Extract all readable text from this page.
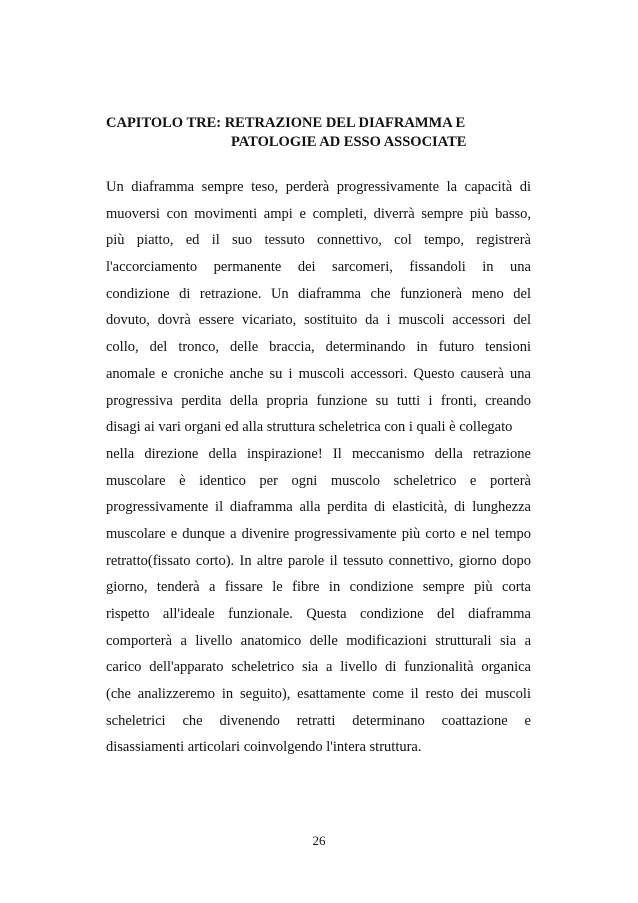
CAPITOLO TRE: RETRAZIONE DEL DIAFRAMMA E
PATOLOGIE AD ESSO ASSOCIATE
Un diaframma sempre teso, perderà progressivamente la capacità di
muoversi con movimenti ampi e completi, diverrà sempre più basso,
più piatto, ed il suo tessuto connettivo, col tempo, registrerà
l'accorciamento permanente dei sarcomeri, fissandoli in una
condizione di retrazione. Un diaframma che funzionerà meno del
dovuto, dovrà essere vicariato, sostituito da i muscoli accessori del
collo, del tronco, delle braccia, determinando in futuro tensioni
anomale e croniche anche su i muscoli accessori. Questo causerà una
progressiva perdita della propria funzione su tutti i fronti, creando
disagi ai vari organi ed alla struttura scheletrica con i quali è collegato
nella direzione della inspirazione! Il meccanismo della retrazione
muscolare è identico per ogni muscolo scheletrico e porterà
progressivamente il diaframma alla perdita di elasticità, di lunghezza
muscolare e dunque a divenire progressivamente più corto e nel tempo
retratto(fissato corto). In altre parole il tessuto connettivo, giorno dopo
giorno, tenderà a fissare le fibre in condizione sempre più corta
rispetto all'ideale funzionale. Questa condizione del diaframma
comporterà a livello anatomico delle modificazioni strutturali sia a
carico dell'apparato scheletrico sia a livello di funzionalità organica
(che analizzeremo in seguito), esattamente come il resto dei muscoli
scheletrici che divenendo retratti determinano coattazione e
disassiamenti articolari coinvolgendo l'intera struttura.
26
